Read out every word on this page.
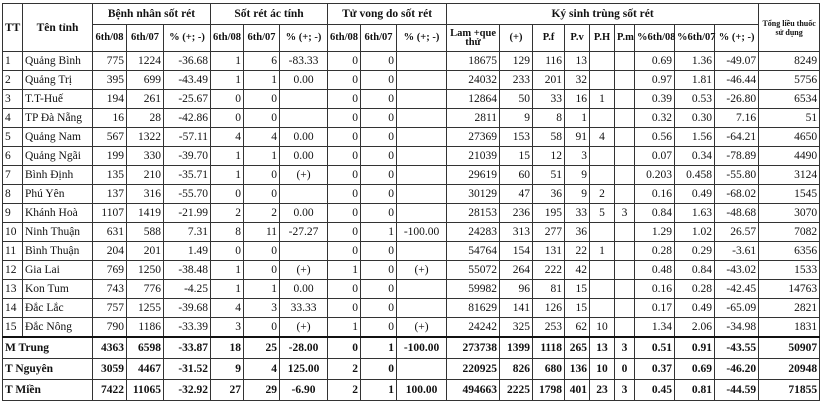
TT	Tên tỉnh	Bệnh nhân sốt rét			Sốt rét ác tính			Tử vong do sốt rét			Ký sinh trùng sốt rét									Tổng liều thuốc sử dụng
		6th/08	6th/07	% (+; -)	6th/08	6th/07	% (+; -)	6th/08	6th/07	% (+; -)	Lam +que thử	(+)	P.f	P.v	P.H	P.m	%6th/08	%6th/07	% (+; -)	
1	Quảng Bình	775	1224	-36.68	1	6	-83.33	0	0		18675	129	116	13			0.69	1.36	-49.07	8249
2	Quảng Trị	395	699	-43.49	1	1	0.00	0	0		24032	233	201	32			0.97	1.81	-46.44	5756
3	T.T-Huế	194	261	-25.67	0	0		0	0		12864	50	33	16	1		0.39	0.53	-26.80	6534
4	TP Đà Nẵng	16	28	-42.86	0	0		0	0		2811	9	8	1			0.32	0.30	7.16	51
5	Quảng Nam	567	1322	-57.11	4	4	0.00	0	0		27369	153	58	91	4		0.56	1.56	-64.21	4650
6	Quảng Ngãi	199	330	-39.70	1	1	0.00	0	0		21039	15	12	3			0.07	0.34	-78.89	4490
7	Bình Định	135	210	-35.71	1	0	(+)	0	0		29619	60	51	9			0.203	0.458	-55.80	3124
8	Phú Yên	137	316	-55.70	0	0		0	0		30129	47	36	9	2		0.16	0.49	-68.02	1545
9	Khánh Hoà	1107	1419	-21.99	2	2	0.00	0	0		28153	236	195	33	5	3	0.84	1.63	-48.68	3070
10	Ninh Thuận	631	588	7.31	8	11	-27.27	0	1	-100.00	24283	313	277	36			1.29	1.02	26.57	7082
11	Bình Thuận	204	201	1.49	0	0		0	0		54764	154	131	22	1		0.28	0.29	-3.61	6356
12	Gia Lai	769	1250	-38.48	1	0	(+)	1	0	(+)	55072	264	222	42			0.48	0.84	-43.02	1533
13	Kon Tum	743	776	-4.25	1	1	0.00	0	0		59982	96	81	15			0.16	0.28	-42.45	14763
14	Đắc Lắc	757	1255	-39.68	4	3	33.33	0	0		81629	141	126	15			0.17	0.49	-65.09	2821
15	Đắc Nông	790	1186	-33.39	3	0	(+)	1	0	(+)	24242	325	253	62	10		1.34	2.06	-34.98	1831
M Trung		4363	6598	-33.87	18	25	-28.00	0	1	-100.00	273738	1399	1118	265	13	3	0.51	0.91	-43.55	50907
T Nguyên		3059	4467	-31.52	9	4	125.00	2	0		220925	826	680	136	10	0	0.37	0.69	-46.20	20948
T Miền		7422	11065	-32.92	27	29	-6.90	2	1	100.00	494663	2225	1798	401	23	3	0.45	0.81	-44.59	71855
